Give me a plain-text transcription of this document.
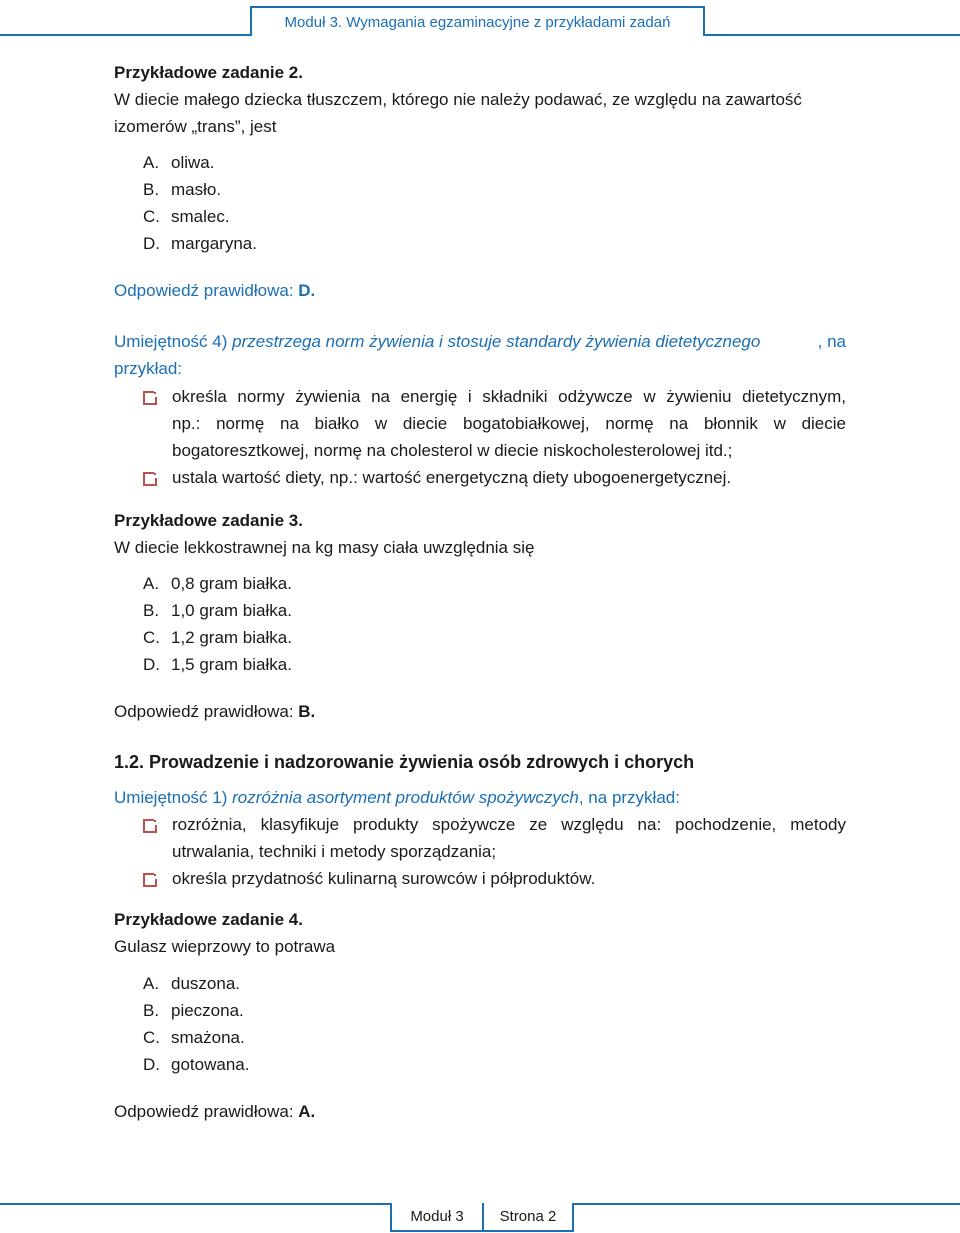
Moduł 3. Wymagania egzaminacyjne z przykładami zadań
Przykładowe zadanie 2.
W diecie małego dziecka tłuszczem, którego nie należy podawać, ze względu na zawartość
izomerów „trans”, jest
A. oliwa.
B. masło.
C. smalec.
D. margaryna.
Odpowiedź prawidłowa: D.
Umiejętność 4) przestrzega norm żywienia i stosuje standardy żywienia dietetycznego	, na
przykład:
określa normy żywienia na energię i składniki odżywcze w żywieniu dietetycznym,
np.: normę na białko w diecie bogatobiałkowej, normę na błonnik w diecie
bogatoresztkowej, normę na cholesterol w diecie niskocholesterolowej itd.;
ustala wartość diety, np.: wartość energetyczną diety ubogoenergetycznej.
Przykładowe zadanie 3.
W diecie lekkostrawnej na kg masy ciała uwzględnia się
A. 0,8 gram białka.
B. 1,0 gram białka.
C. 1,2 gram białka.
D. 1,5 gram białka.
Odpowiedź prawidłowa: B.
1.2. Prowadzenie i nadzorowanie żywienia osób zdrowych i chorych
Umiejętność 1) rozróżnia asortyment produktów spożywczych, na przykład:
rozróżnia, klasyfikuje produkty spożywcze ze względu na: pochodzenie, metody
utrwalania, techniki i metody sporządzania;
określa przydatność kulinarną surowców i półproduktów.
Przykładowe zadanie 4.
Gulasz wieprzowy to potrawa
A. duszona.
B. pieczona.
C. smażona.
D. gotowana.
Odpowiedź prawidłowa: A.
Moduł 3 Strona 2
